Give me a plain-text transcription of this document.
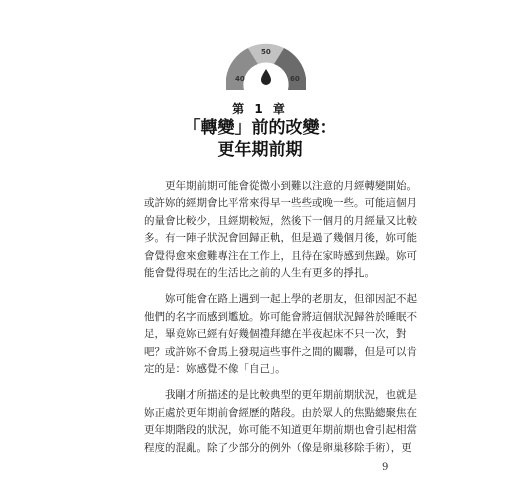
40
50
60
第 1 章
「轉變」前的改變：
更年期前期
更年期前期可能會從微小到難以注意的月經轉變開始。
或許妳的經期會比平常來得早一些些或晚一些。可能這個月
的量會比較少，且經期較短，然後下一個月的月經量又比較
多。有一陣子狀況會回歸正軌，但是過了幾個月後，妳可能
會覺得愈來愈難專注在工作上，且待在家時感到焦躁。妳可
能會覺得現在的生活比之前的人生有更多的掙扎。
妳可能會在路上遇到一起上學的老朋友，但卻因記不起
他們的名字而感到尷尬。妳可能會將這個狀況歸咎於睡眠不
足，畢竟妳已經有好幾個禮拜總在半夜起床不只一次，對
吧？或許妳不會馬上發現這些事件之間的關聯，但是可以肯
定的是：妳感覺不像「自己」。
我剛才所描述的是比較典型的更年期前期狀況，也就是
妳正處於更年期前會經歷的階段。由於眾人的焦點總聚焦在
更年期階段的狀況，妳可能不知道更年期前期也會引起相當
程度的混亂。除了少部分的例外（像是卵巢移除手術），更
9
